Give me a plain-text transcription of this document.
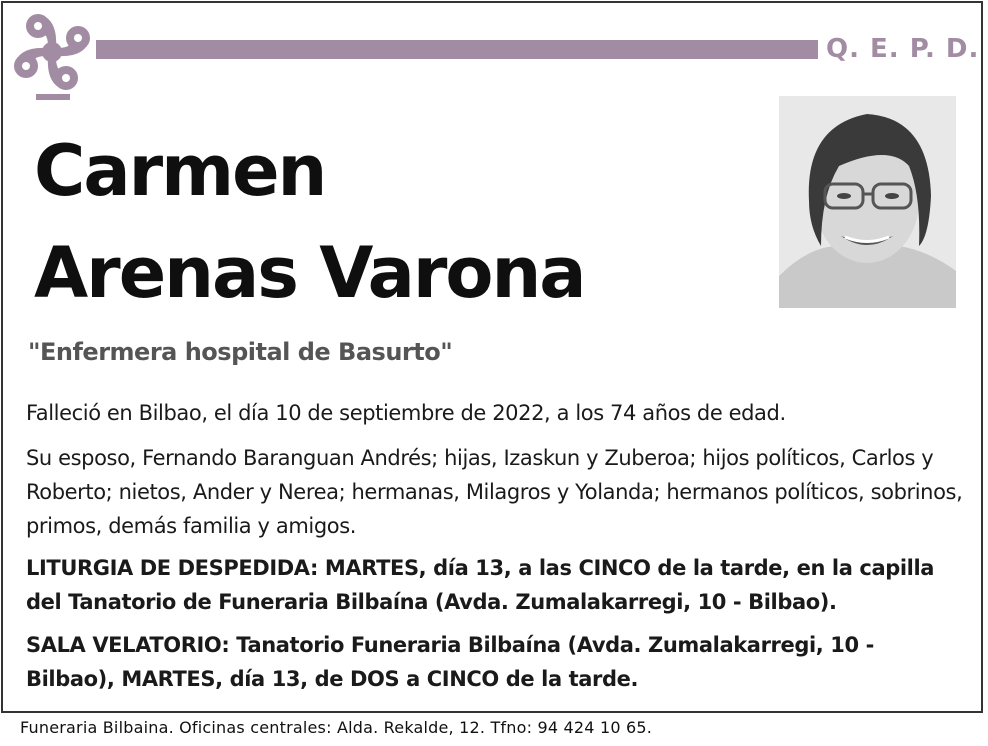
Q. E. P. D.
Carmen
Arenas Varona
"Enfermera hospital de Basurto"
Falleció en Bilbao, el día 10 de septiembre de 2022, a los 74 años de edad.
Su esposo, Fernando Baranguan Andrés; hijas, Izaskun y Zuberoa; hijos políticos, Carlos y Roberto; nietos, Ander y Nerea; hermanas, Milagros y Yolanda; hermanos políticos, sobrinos, primos, demás familia y amigos.
LITURGIA DE DESPEDIDA: MARTES, día 13, a las CINCO de la tarde, en la capilla del Tanatorio de Funeraria Bilbaína (Avda. Zumalakarregi, 10 - Bilbao).
SALA VELATORIO: Tanatorio Funeraria Bilbaína (Avda. Zumalakarregi, 10 - Bilbao), MARTES, día 13, de DOS a CINCO de la tarde.
Funeraria Bilbaina. Oficinas centrales: Alda. Rekalde, 12. Tfno: 94 424 10 65.
